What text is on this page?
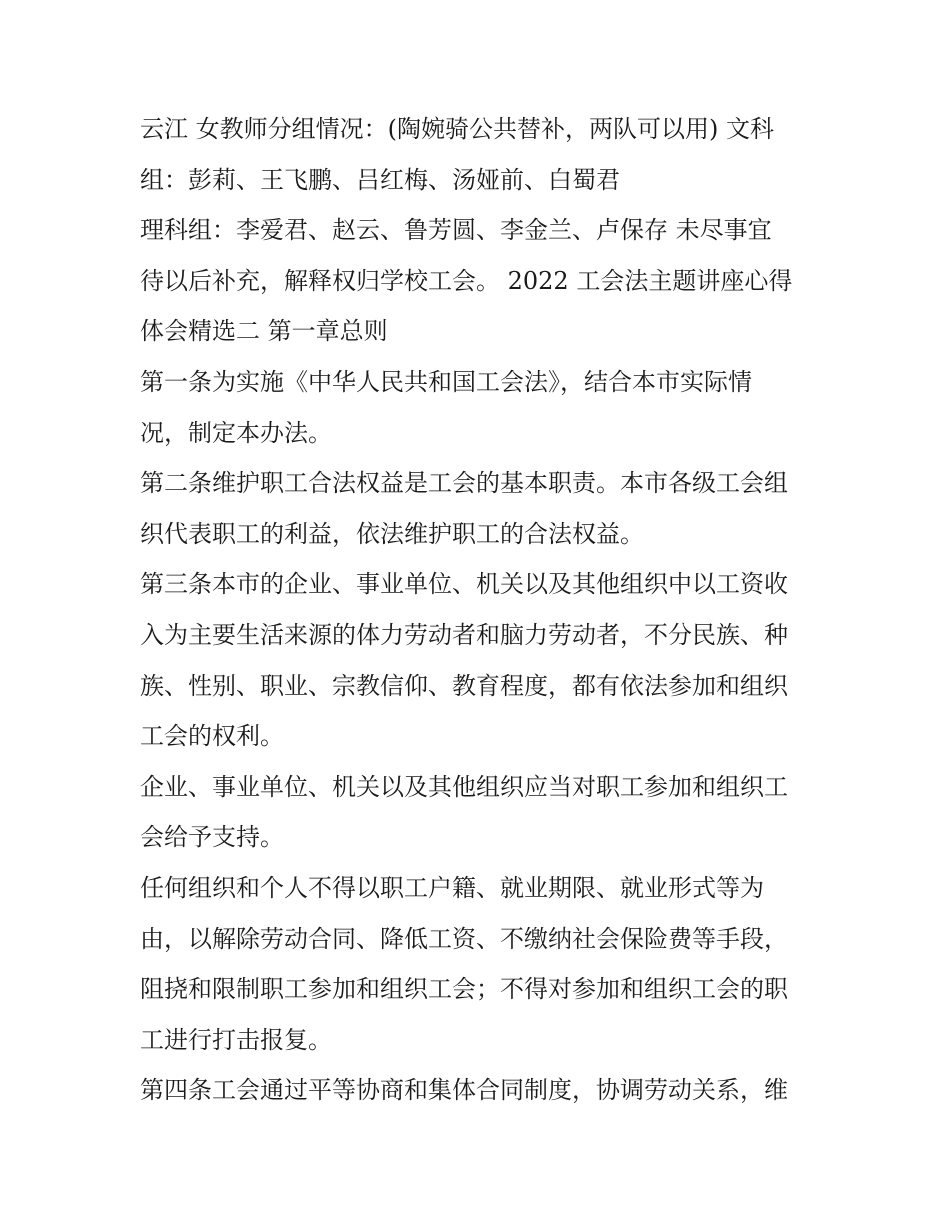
云江 女教师分组情况：(陶婉骑公共替补，两队可以用) 文科
组：彭莉、王飞鹏、吕红梅、汤娅前、白蜀君
理科组：李爱君、赵云、鲁芳圆、李金兰、卢保存 未尽事宜
待以后补充，解释权归学校工会。 2022 工会法主题讲座心得
体会精选二 第一章总则
第一条为实施《中华人民共和国工会法》，结合本市实际情
况，制定本办法。
第二条维护职工合法权益是工会的基本职责。本市各级工会组
织代表职工的利益，依法维护职工的合法权益。
第三条本市的企业、事业单位、机关以及其他组织中以工资收
入为主要生活来源的体力劳动者和脑力劳动者，不分民族、种
族、性别、职业、宗教信仰、教育程度，都有依法参加和组织
工会的权利。
企业、事业单位、机关以及其他组织应当对职工参加和组织工
会给予支持。
任何组织和个人不得以职工户籍、就业期限、就业形式等为
由，以解除劳动合同、降低工资、不缴纳社会保险费等手段，
阻挠和限制职工参加和组织工会；不得对参加和组织工会的职
工进行打击报复。
第四条工会通过平等协商和集体合同制度，协调劳动关系，维
